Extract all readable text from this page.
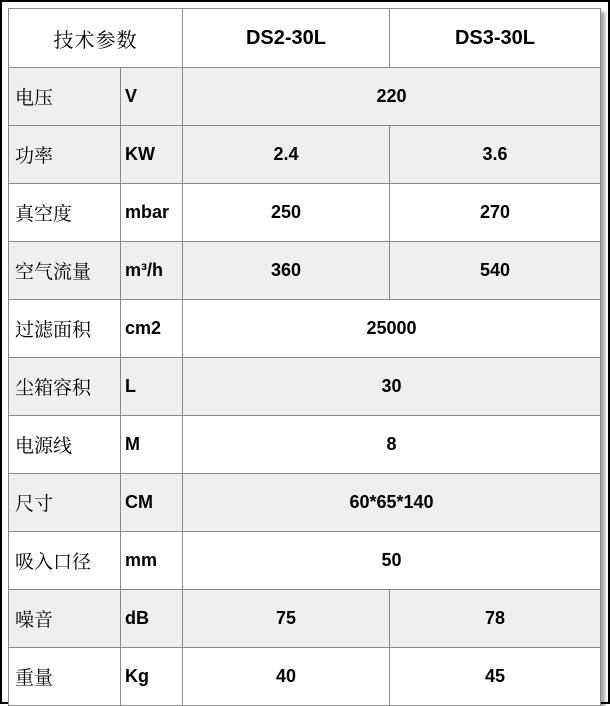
技术参数		DS2-30L	DS3-30L
电压	V	220	
功率	KW	2.4	3.6
真空度	mbar	250	270
空气流量	m³/h	360	540
过滤面积	cm2	25000	
尘箱容积	L	30	
电源线	M	8	
尺寸	CM	60*65*140	
吸入口径	mm	50	
噪音	dB	75	78
重量	Kg	40	45
